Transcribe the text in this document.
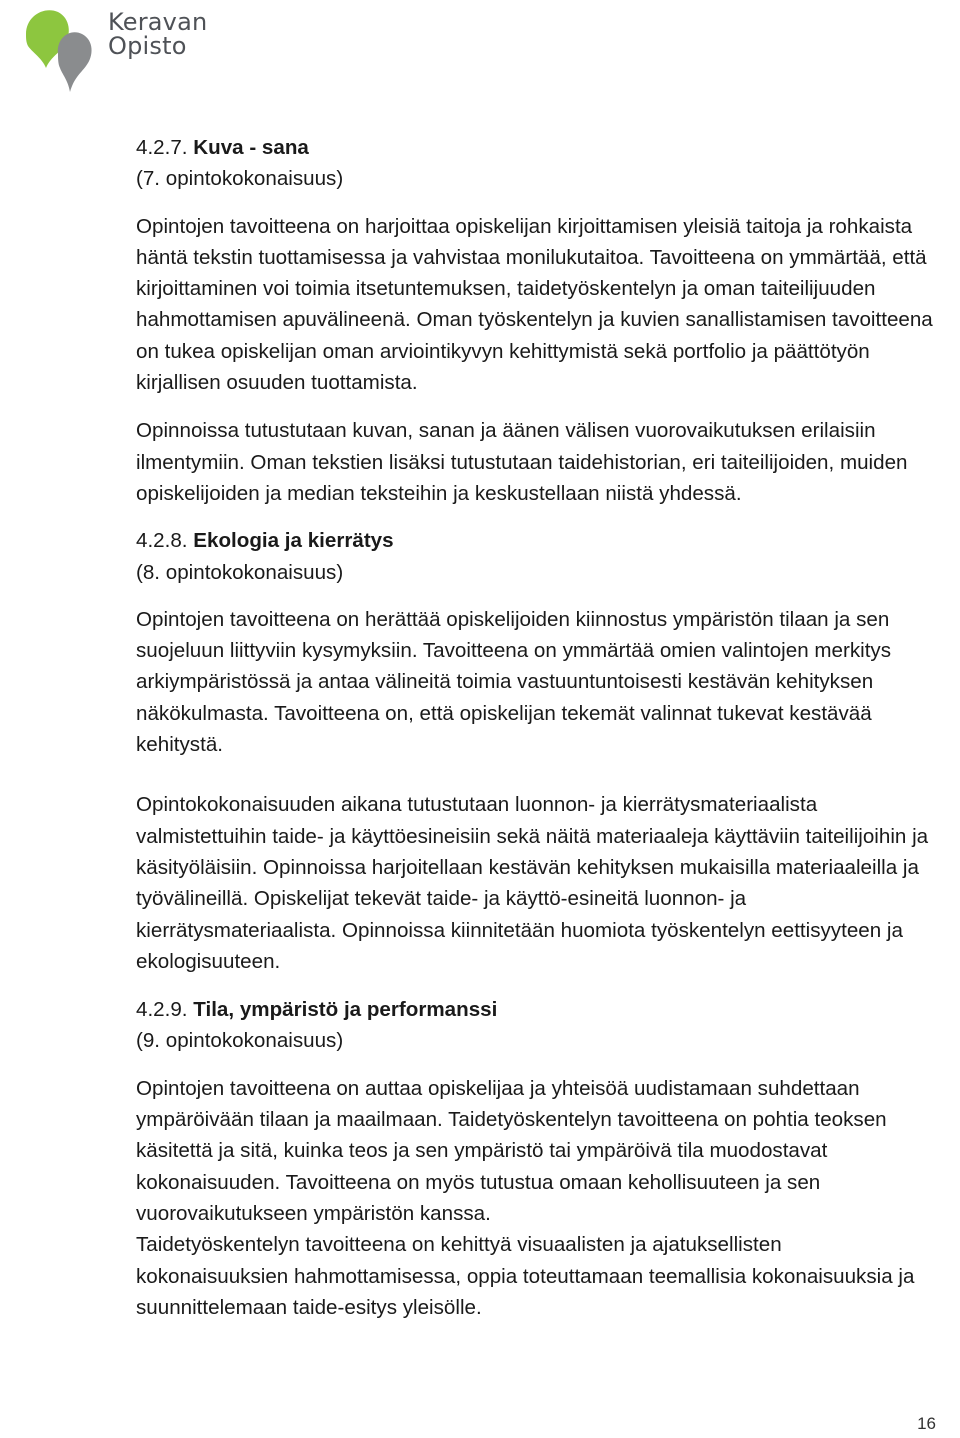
Keravan
Opisto

4.2.7. Kuva - sana

(7. opintokokonaisuus)

Opintojen tavoitteena on harjoittaa opiskelijan kirjoittamisen yleisiä taitoja ja rohkaista häntä tekstin tuottamisessa ja vahvistaa monilukutaitoa. Tavoitteena on ymmärtää, että kirjoittaminen voi toimia itsetuntemuksen, taidetyöskentelyn ja oman taiteilijuuden hahmottamisen apuvälineenä. Oman työskentelyn ja kuvien sanallistamisen tavoitteena on tukea opiskelijan oman arviointikyvyn kehittymistä sekä portfolio ja päättötyön kirjallisen osuuden tuottamista.

Opinnoissa tutustutaan kuvan, sanan ja äänen välisen vuorovaikutuksen erilaisiin ilmentymiin. Oman tekstien lisäksi tutustutaan taidehistorian, eri taiteilijoiden, muiden opiskelijoiden ja median teksteihin ja keskustellaan niistä yhdessä.

4.2.8. Ekologia ja kierrätys

(8. opintokokonaisuus)

Opintojen tavoitteena on herättää opiskelijoiden kiinnostus ympäristön tilaan ja sen suojeluun liittyviin kysymyksiin. Tavoitteena on ymmärtää omien valintojen merkitys arkiympäristössä ja antaa välineitä toimia vastuuntuntoisesti kestävän kehityksen näkökulmasta. Tavoitteena on, että opiskelijan tekemät valinnat tukevat kestävää kehitystä.

Opintokokonaisuuden aikana tutustutaan luonnon- ja kierrätysmateriaalista valmistettuihin taide- ja käyttöesineisiin sekä näitä materiaaleja käyttäviin taiteilijoihin ja käsityöläisiin. Opinnoissa harjoitellaan kestävän kehityksen mukaisilla materiaaleilla ja työvälineillä. Opiskelijat tekevät taide- ja käyttö-esineitä luonnon- ja kierrätysmateriaalista. Opinnoissa kiinnitetään huomiota työskentelyn eettisyyteen ja ekologisuuteen.

4.2.9. Tila, ympäristö ja performanssi

(9. opintokokonaisuus)

Opintojen tavoitteena on auttaa opiskelijaa ja yhteisöä uudistamaan suhdettaan ympäröivään tilaan ja maailmaan. Taidetyöskentelyn tavoitteena on pohtia teoksen käsitettä ja sitä, kuinka teos ja sen ympäristö tai ympäröivä tila muodostavat kokonaisuuden. Tavoitteena on myös tutustua omaan kehollisuuteen ja sen vuorovaikutukseen ympäristön kanssa.

Taidetyöskentelyn tavoitteena on kehittyä visuaalisten ja ajatuksellisten kokonaisuuksien hahmottamisessa, oppia toteuttamaan teemallisia kokonaisuuksia ja suunnittelemaan taide-esitys yleisölle.

16
